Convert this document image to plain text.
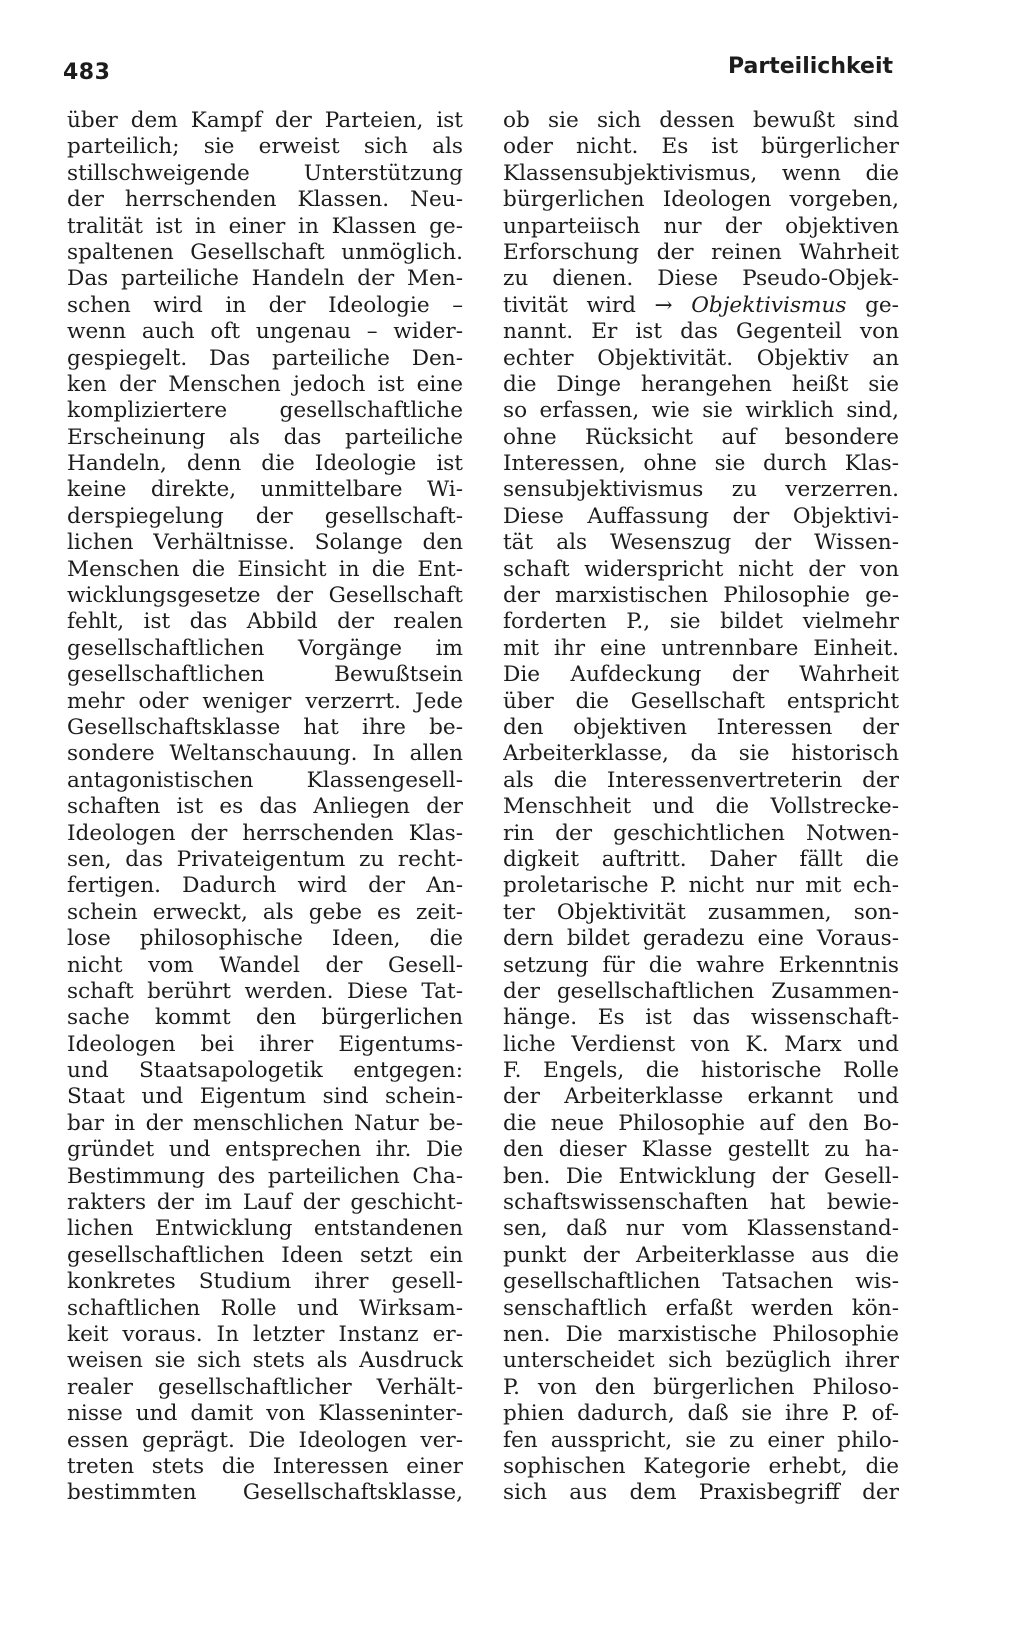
483	Parteilichkeit
über dem Kampf der Parteien, ist
parteilich; sie erweist sich als
stillschweigende Unterstützung
der herrschenden Klassen. Neu-
tralität ist in einer in Klassen ge-
spaltenen Gesellschaft unmöglich.
Das parteiliche Handeln der Men-
schen wird in der Ideologie –
wenn auch oft ungenau – wider-
gespiegelt. Das parteiliche Den-
ken der Menschen jedoch ist eine
kompliziertere gesellschaftliche
Erscheinung als das parteiliche
Handeln, denn die Ideologie ist
keine direkte, unmittelbare Wi-
derspiegelung der gesellschaft-
lichen Verhältnisse. Solange den
Menschen die Einsicht in die Ent-
wicklungsgesetze der Gesellschaft
fehlt, ist das Abbild der realen
gesellschaftlichen Vorgänge im
gesellschaftlichen Bewußtsein
mehr oder weniger verzerrt. Jede
Gesellschaftsklasse hat ihre be-
sondere Weltanschauung. In allen
antagonistischen Klassengesell-
schaften ist es das Anliegen der
Ideologen der herrschenden Klas-
sen, das Privateigentum zu recht-
fertigen. Dadurch wird der An-
schein erweckt, als gebe es zeit-
lose philosophische Ideen, die
nicht vom Wandel der Gesell-
schaft berührt werden. Diese Tat-
sache kommt den bürgerlichen
Ideologen bei ihrer Eigentums-
und Staatsapologetik entgegen:
Staat und Eigentum sind schein-
bar in der menschlichen Natur be-
gründet und entsprechen ihr. Die
Bestimmung des parteilichen Cha-
rakters der im Lauf der geschicht-
lichen Entwicklung entstandenen
gesellschaftlichen Ideen setzt ein
konkretes Studium ihrer gesell-
schaftlichen Rolle und Wirksam-
keit voraus. In letzter Instanz er-
weisen sie sich stets als Ausdruck
realer gesellschaftlicher Verhält-
nisse und damit von Klasseninter-
essen geprägt. Die Ideologen ver-
treten stets die Interessen einer
bestimmten Gesellschaftsklasse,
ob sie sich dessen bewußt sind
oder nicht. Es ist bürgerlicher
Klassensubjektivismus, wenn die
bürgerlichen Ideologen vorgeben,
unparteiisch nur der objektiven
Erforschung der reinen Wahrheit
zu dienen. Diese Pseudo-Objek-
tivität wird → Objektivismus ge-
nannt. Er ist das Gegenteil von
echter Objektivität. Objektiv an
die Dinge herangehen heißt sie
so erfassen, wie sie wirklich sind,
ohne Rücksicht auf besondere
Interessen, ohne sie durch Klas-
sensubjektivismus zu verzerren.
Diese Auffassung der Objektivi-
tät als Wesenszug der Wissen-
schaft widerspricht nicht der von
der marxistischen Philosophie ge-
forderten P., sie bildet vielmehr
mit ihr eine untrennbare Einheit.
Die Aufdeckung der Wahrheit
über die Gesellschaft entspricht
den objektiven Interessen der
Arbeiterklasse, da sie historisch
als die Interessenvertreterin der
Menschheit und die Vollstrecke-
rin der geschichtlichen Notwen-
digkeit auftritt. Daher fällt die
proletarische P. nicht nur mit ech-
ter Objektivität zusammen, son-
dern bildet geradezu eine Voraus-
setzung für die wahre Erkenntnis
der gesellschaftlichen Zusammen-
hänge. Es ist das wissenschaft-
liche Verdienst von K. Marx und
F. Engels, die historische Rolle
der Arbeiterklasse erkannt und
die neue Philosophie auf den Bo-
den dieser Klasse gestellt zu ha-
ben. Die Entwicklung der Gesell-
schaftswissenschaften hat bewie-
sen, daß nur vom Klassenstand-
punkt der Arbeiterklasse aus die
gesellschaftlichen Tatsachen wis-
senschaftlich erfaßt werden kön-
nen. Die marxistische Philosophie
unterscheidet sich bezüglich ihrer
P. von den bürgerlichen Philoso-
phien dadurch, daß sie ihre P. of-
fen ausspricht, sie zu einer philo-
sophischen Kategorie erhebt, die
sich aus dem Praxisbegriff der
